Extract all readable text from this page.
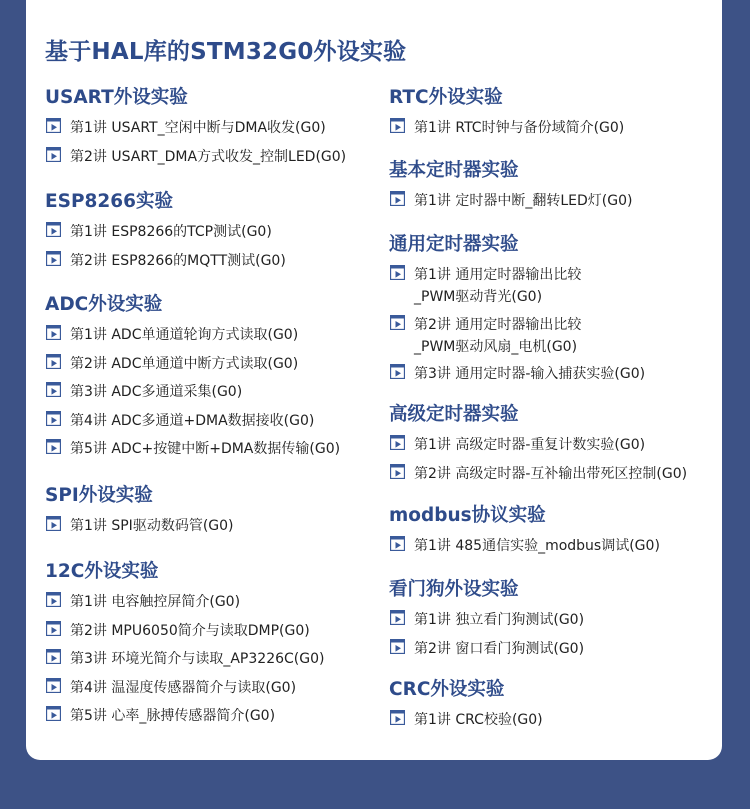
基于HAL库的STM32G0外设实验
USART外设实验
第1讲 USART_空闲中断与DMA收发(G0)
第2讲 USART_DMA方式收发_控制LED(G0)
ESP8266实验
第1讲 ESP8266的TCP测试(G0)
第2讲 ESP8266的MQTT测试(G0)
ADC外设实验
第1讲 ADC单通道轮询方式读取(G0)
第2讲 ADC单通道中断方式读取(G0)
第3讲 ADC多通道采集(G0)
第4讲 ADC多通道+DMA数据接收(G0)
第5讲 ADC+按键中断+DMA数据传输(G0)
SPI外设实验
第1讲 SPI驱动数码管(G0)
12C外设实验
第1讲 电容触控屏简介(G0)
第2讲 MPU6050简介与读取DMP(G0)
第3讲 环境光简介与读取_AP3226C(G0)
第4讲 温湿度传感器简介与读取(G0)
第5讲 心率_脉搏传感器简介(G0)
RTC外设实验
第1讲 RTC时钟与备份域简介(G0)
基本定时器实验
第1讲 定时器中断_翻转LED灯(G0)
通用定时器实验
第1讲 通用定时器输出比较_PWM驱动背光(G0)
第2讲 通用定时器输出比较_PWM驱动风扇_电机(G0)
第3讲 通用定时器-输入捕获实验(G0)
高级定时器实验
第1讲 高级定时器-重复计数实验(G0)
第2讲 高级定时器-互补输出带死区控制(G0)
modbus协议实验
第1讲 485通信实验_modbus调试(G0)
看门狗外设实验
第1讲 独立看门狗测试(G0)
第2讲 窗口看门狗测试(G0)
CRC外设实验
第1讲 CRC校验(G0)
